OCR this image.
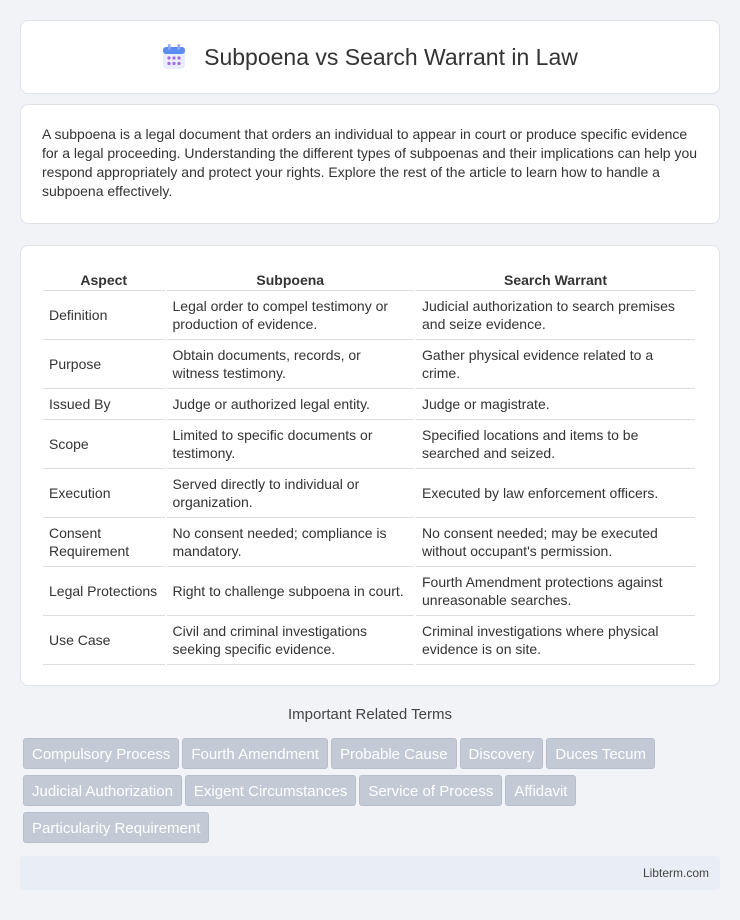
Subpoena vs Search Warrant in Law

A subpoena is a legal document that orders an individual to appear in court or produce specific evidence for a legal proceeding. Understanding the different types of subpoenas and their implications can help you respond appropriately and protect your rights. Explore the rest of the article to learn how to handle a subpoena effectively.

Aspect	Subpoena	Search Warrant
Definition	Legal order to compel testimony or production of evidence.	Judicial authorization to search premises and seize evidence.
Purpose	Obtain documents, records, or witness testimony.	Gather physical evidence related to a crime.
Issued By	Judge or authorized legal entity.	Judge or magistrate.
Scope	Limited to specific documents or testimony.	Specified locations and items to be searched and seized.
Execution	Served directly to individual or organization.	Executed by law enforcement officers.
Consent Requirement	No consent needed; compliance is mandatory.	No consent needed; may be executed without occupant's permission.
Legal Protections	Right to challenge subpoena in court.	Fourth Amendment protections against unreasonable searches.
Use Case	Civil and criminal investigations seeking specific evidence.	Criminal investigations where physical evidence is on site.
Important Related Terms
Compulsory Process Fourth Amendment Probable Cause Discovery Duces Tecum
Judicial Authorization Exigent Circumstances Service of Process Affidavit
Particularity Requirement
Libterm.com
